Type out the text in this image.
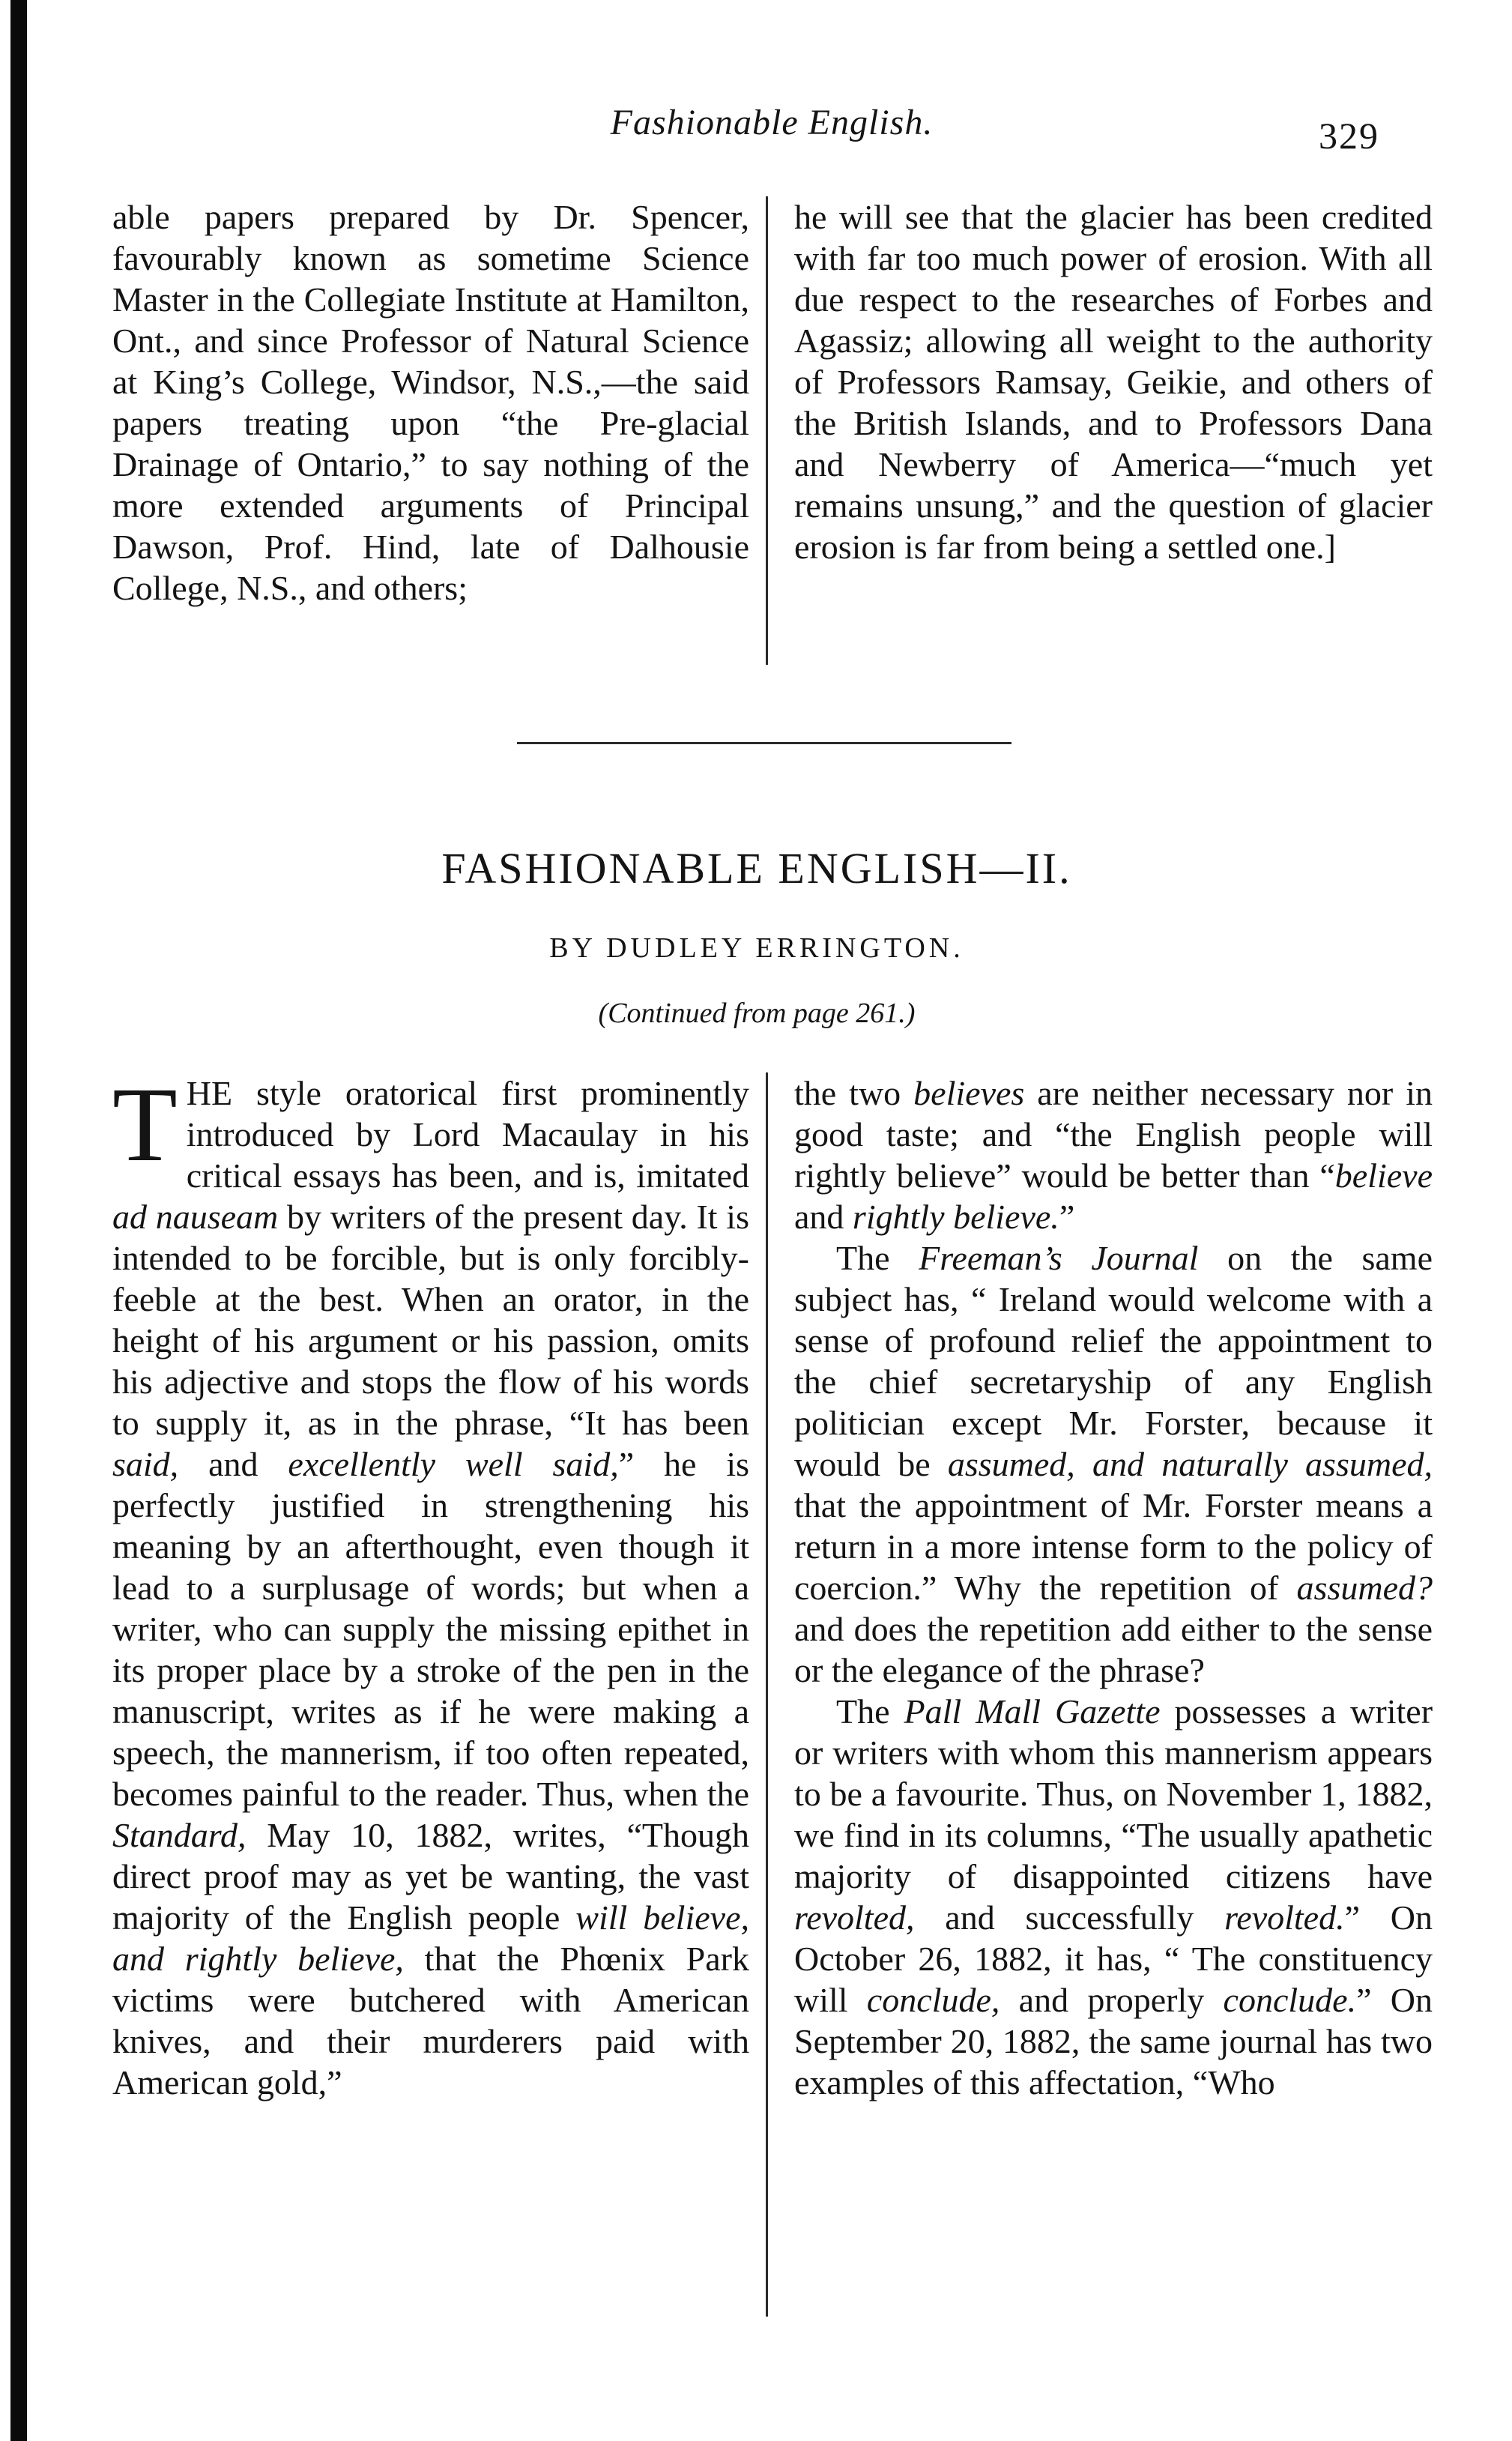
Fashionable English.	329

able papers prepared by Dr. Spencer, favourably known as sometime Science Master in the Collegiate Institute at Hamilton, Ont., and since Professor of Natural Science at King’s College, Windsor, N.S.,—the said papers treating upon “the Pre-glacial Drainage of Ontario,” to say nothing of the more extended arguments of Principal Dawson, Prof. Hind, late of Dalhousie College, N.S., and others;

he will see that the glacier has been credited with far too much power of erosion. With all due respect to the researches of Forbes and Agassiz; allowing all weight to the authority of Professors Ramsay, Geikie, and others of the British Islands, and to Professors Dana and Newberry of America—“much yet remains unsung,” and the question of glacier erosion is far from being a settled one.]

FASHIONABLE ENGLISH—II.
BY DUDLEY ERRINGTON.
(Continued from page 261.)

THE style oratorical first prominently introduced by Lord Macaulay in his critical essays has been, and is, imitated ad nauseam by writers of the present day. It is intended to be forcible, but is only forcibly-feeble at the best. When an orator, in the height of his argument or his passion, omits his adjective and stops the flow of his words to supply it, as in the phrase, “It has been said, and excellently well said,” he is perfectly justified in strengthening his meaning by an afterthought, even though it lead to a surplusage of words; but when a writer, who can supply the missing epithet in its proper place by a stroke of the pen in the manuscript, writes as if he were making a speech, the mannerism, if too often repeated, becomes painful to the reader. Thus, when the Standard, May 10, 1882, writes, “Though direct proof may as yet be wanting, the vast majority of the English people will believe, and rightly believe, that the Phœnix Park victims were butchered with American knives, and their murderers paid with American gold,”

the two believes are neither necessary nor in good taste; and “the English people will rightly believe” would be better than “believe and rightly believe.”

The Freeman’s Journal on the same subject has, “ Ireland would welcome with a sense of profound relief the appointment to the chief secretaryship of any English politician except Mr. Forster, because it would be assumed, and naturally assumed, that the appointment of Mr. Forster means a return in a more intense form to the policy of coercion.” Why the repetition of assumed? and does the repetition add either to the sense or the elegance of the phrase?

The Pall Mall Gazette possesses a writer or writers with whom this mannerism appears to be a favourite. Thus, on November 1, 1882, we find in its columns, “The usually apathetic majority of disappointed citizens have revolted, and successfully revolted.” On October 26, 1882, it has, “ The constituency will conclude, and properly conclude.” On September 20, 1882, the same journal has two examples of this affectation, “Who
